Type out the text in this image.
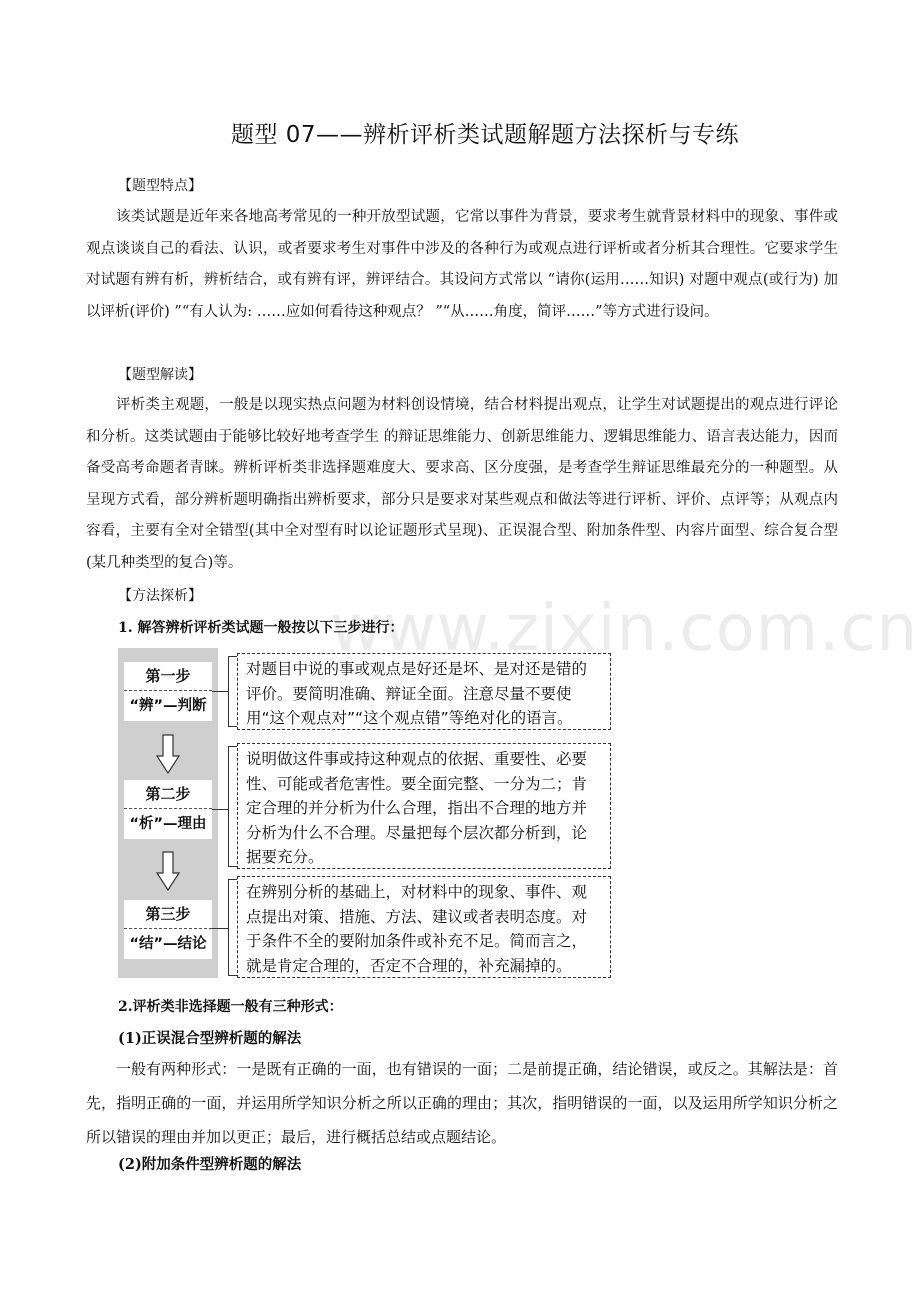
www.zixin.com.cn
题型 07——辨析评析类试题解题方法探析与专练
【题型特点】
该类试题是近年来各地高考常见的一种开放型试题，它常以事件为背景，要求考生就背景材料中的现象、事件或观点谈谈自己的看法、认识，或者要求考生对事件中涉及的各种行为或观点进行评析或者分析其合理性。它要求学生对试题有辨有析，辨析结合，或有辨有评，辨评结合。其设问方式常以 “请你(运用……知识) 对题中观点(或行为) 加以评析(评价) ”“有人认为: ……应如何看待这种观点？ ”“从……角度，简评……”等方式进行设问。
【题型解读】
评析类主观题，一般是以现实热点问题为材料创设情境，结合材料提出观点，让学生对试题提出的观点进行评论和分析。这类试题由于能够比较好地考查学生 的辩证思维能力、创新思维能力、逻辑思维能力、语言表达能力，因而备受高考命题者青睐。辨析评析类非选择题难度大、要求高、区分度强，是考查学生辩证思维最充分的一种题型。从呈现方式看，部分辨析题明确指出辨析要求，部分只是要求对某些观点和做法等进行评析、评价、点评等；从观点内容看，主要有全对全错型(其中全对型有时以论证题形式呈现)、正误混合型、附加条件型、内容片面型、综合复合型(某几种类型的复合)等。
【方法探析】
1. 解答辨析评析类试题一般按以下三步进行：
第一步
“辨”—判断
第二步
“析”—理由
第三步
“结”—结论
对题目中说的事或观点是好还是坏、是对还是错的评价。要简明准确、辩证全面。注意尽量不要使用“这个观点对”“这个观点错”等绝对化的语言。
说明做这件事或持这种观点的依据、重要性、必要性、可能或者危害性。要全面完整、一分为二；肯定合理的并分析为什么合理，指出不合理的地方并分析为什么不合理。尽量把每个层次都分析到，论据要充分。
在辨别分析的基础上，对材料中的现象、事件、观点提出对策、措施、方法、建议或者表明态度。对于条件不全的要附加条件或补充不足。简而言之，就是肯定合理的，否定不合理的，补充漏掉的。
2.评析类非选择题一般有三种形式：
(1)正误混合型辨析题的解法
一般有两种形式：一是既有正确的一面，也有错误的一面；二是前提正确，结论错误，或反之。其解法是：首先，指明正确的一面，并运用所学知识分析之所以正确的理由；其次，指明错误的一面，以及运用所学知识分析之所以错误的理由并加以更正；最后，进行概括总结或点题结论。
(2)附加条件型辨析题的解法
